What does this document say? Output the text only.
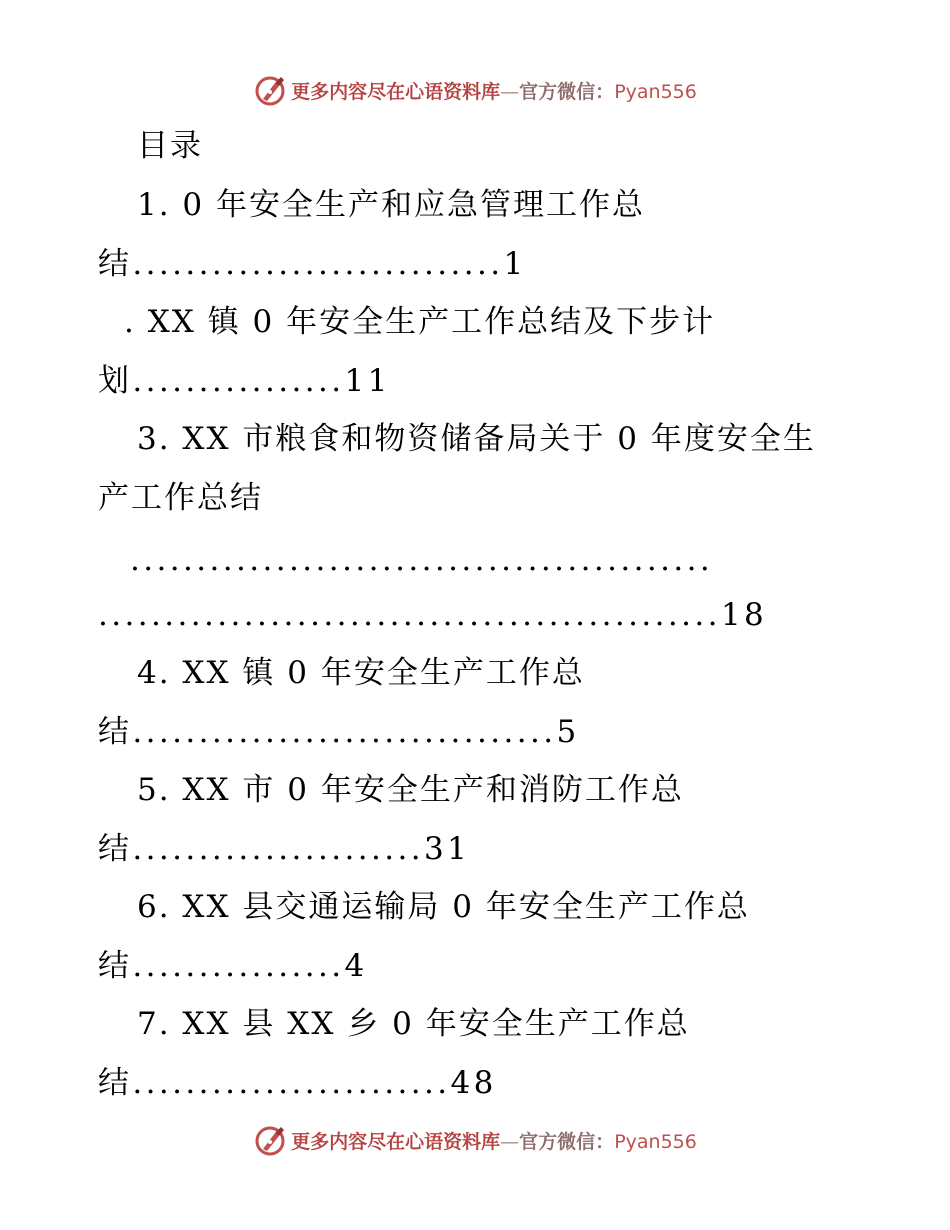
更多内容尽在心语资料库—官方微信：Pyan556
目录
1. 0 年安全生产和应急管理工作总
结............................1
. XX 镇 0 年安全生产工作总结及下步计
划................11
3. XX 市粮食和物资储备局关于 0 年度安全生
产工作总结
............................................
...............................................18
4. XX 镇 0 年安全生产工作总
结................................5
5. XX 市 0 年安全生产和消防工作总
结......................31
6. XX 县交通运输局 0 年安全生产工作总
结................4
7. XX 县 XX 乡 0 年安全生产工作总
结........................48
更多内容尽在心语资料库—官方微信：Pyan556
